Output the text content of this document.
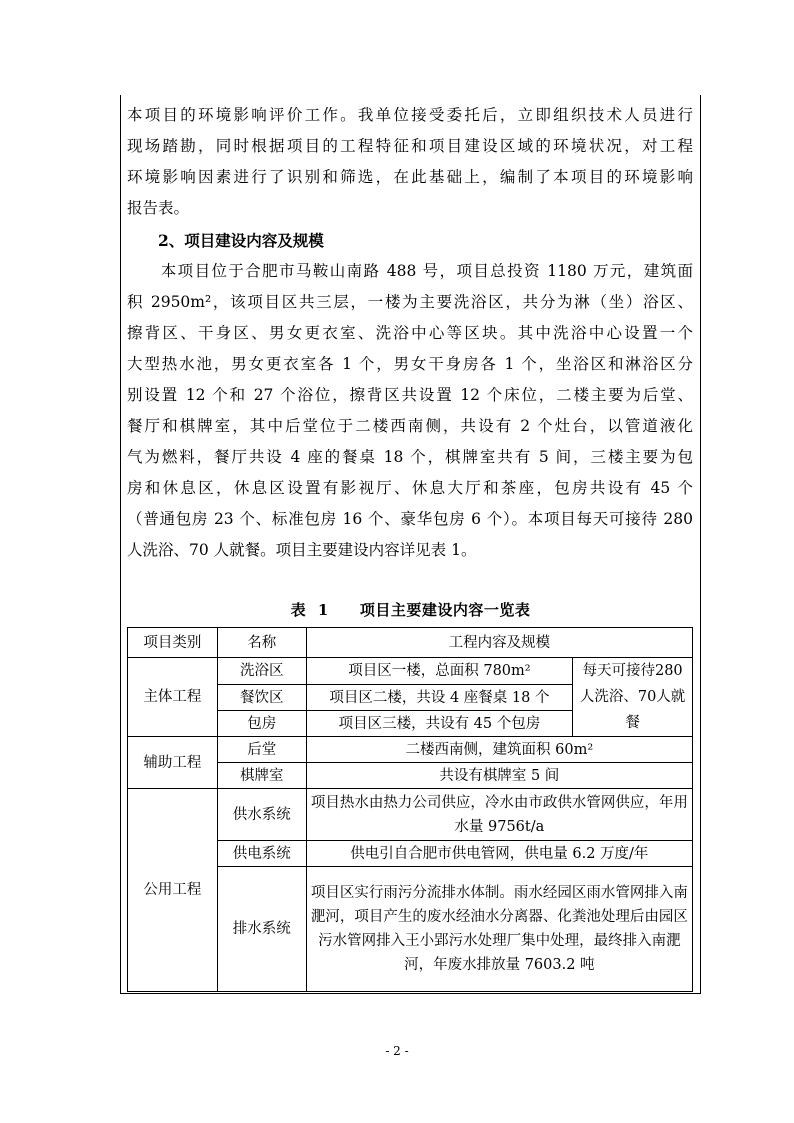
本项目的环境影响评价工作。我单位接受委托后，立即组织技术人员进行
现场踏勘，同时根据项目的工程特征和项目建设区域的环境状况，对工程
环境影响因素进行了识别和筛选，在此基础上，编制了本项目的环境影响
报告表。
2、项目建设内容及规模
　　本项目位于合肥市马鞍山南路 488 号，项目总投资 1180 万元，建筑面
积 2950m²，该项目区共三层，一楼为主要洗浴区，共分为淋（坐）浴区、
擦背区、干身区、男女更衣室、洗浴中心等区块。其中洗浴中心设置一个
大型热水池，男女更衣室各 1 个，男女干身房各 1 个，坐浴区和淋浴区分
别设置 12 个和 27 个浴位，擦背区共设置 12 个床位，二楼主要为后堂、
餐厅和棋牌室，其中后堂位于二楼西南侧，共设有 2 个灶台，以管道液化
气为燃料，餐厅共设 4 座的餐桌 18 个，棋牌室共有 5 间，三楼主要为包
房和休息区，休息区设置有影视厅、休息大厅和茶座，包房共设有 45 个
（普通包房 23 个、标准包房 16 个、豪华包房 6 个）。本项目每天可接待 280
人洗浴、70 人就餐。项目主要建设内容详见表 1。
表 1　　项目主要建设内容一览表
项目类别	名称	工程内容及规模	
主体工程	洗浴区	项目区一楼，总面积 780m²	每天可接待280人洗浴、70人就餐
	餐饮区	项目区二楼，共设 4 座餐桌 18 个	
	包房	项目区三楼，共设有 45 个包房	
辅助工程	后堂	二楼西南侧，建筑面积 60m²	
	棋牌室	共设有棋牌室 5 间	
公用工程	供水系统	项目热水由热力公司供应，冷水由市政供水管网供应，年用水量 9756t/a	
	供电系统	供电引自合肥市供电管网，供电量 6.2 万度/年	
	排水系统	项目区实行雨污分流排水体制。雨水经园区雨水管网排入南淝河，项目产生的废水经油水分离器、化粪池处理后由园区污水管网排入王小郢污水处理厂集中处理，最终排入南淝河，年废水排放量 7603.2 吨	
- 2 -
